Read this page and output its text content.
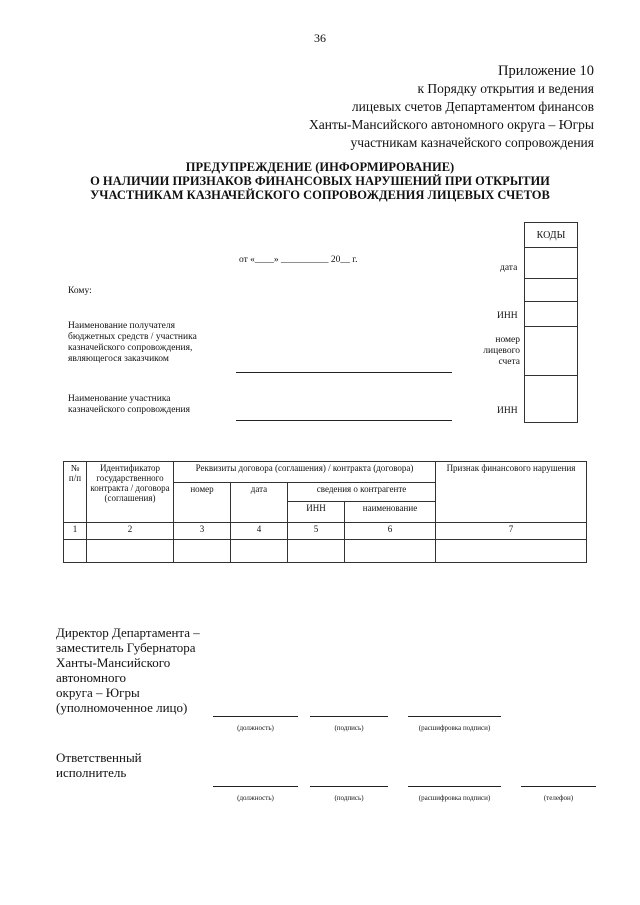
36
Приложение 10
к Порядку открытия и ведения
лицевых счетов Департаментом финансов
Ханты-Мансийского автономного округа – Югры
участникам казначейского сопровождения
ПРЕДУПРЕЖДЕНИЕ (ИНФОРМИРОВАНИЕ)
О НАЛИЧИИ ПРИЗНАКОВ ФИНАНСОВЫХ НАРУШЕНИЙ ПРИ ОТКРЫТИИ
УЧАСТНИКАМ КАЗНАЧЕЙСКОГО СОПРОВОЖДЕНИЯ ЛИЦЕВЫХ СЧЕТОВ
КОДЫ

от «____» __________ 20__ г.
дата
Кому:
ИНН
Наименование получателя
бюджетных средств / участника
казначейского сопровождения,
являющегося заказчиком
номер
лицевого
счета
Наименование участника
казначейского сопровождения	ИНН
№ п/п	Идентификатор государственного контракта / договора (соглашения)	Реквизиты договора (соглашения) / контракта (договора)				Признак финансового нарушения
		номер	дата	сведения о контрагенте		
				ИНН	наименование	
1	2	3	4	5	6	7

Директор Департамента –
заместитель Губернатора
Ханты-Мансийского
автономного
округа – Югры
(уполномоченное лицо)
(должность)	(подпись)	(расшифровка подписи)
Ответственный
исполнитель
(должность)	(подпись)	(расшифровка подписи)	(телефон)
